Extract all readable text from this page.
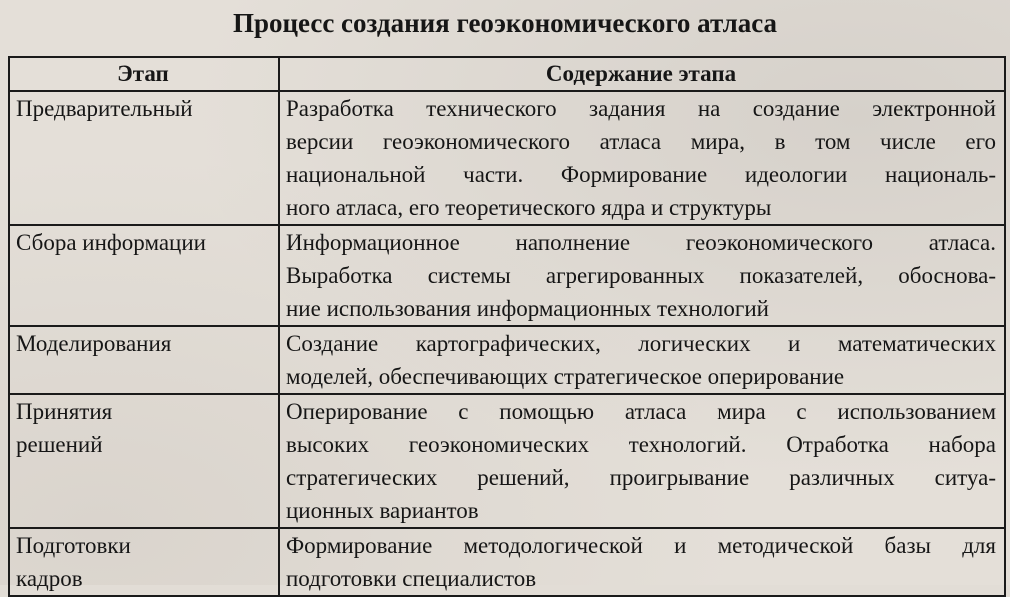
Процесс создания геоэкономического атласа
Этап	Содержание этапа

Предварительный	Разработка технического задания на создание электронной
версии геоэкономического атласа мира, в том числе его
национальной части. Формирование идеологии националь-
ного атласа, его теоретического ядра и структуры

Сбора информации	Информационное наполнение геоэкономического атласа.
Выработка системы агрегированных показателей, обоснова-
ние использования информационных технологий

Моделирования	Создание картографических, логических и математических
моделей, обеспечивающих стратегическое оперирование

Принятия
решений	Оперирование с помощью атласа мира с использованием
высоких геоэкономических технологий. Отработка набора
стратегических решений, проигрывание различных ситуа-
ционных вариантов

Подготовки
кадров	Формирование методологической и методической базы для
подготовки специалистов
